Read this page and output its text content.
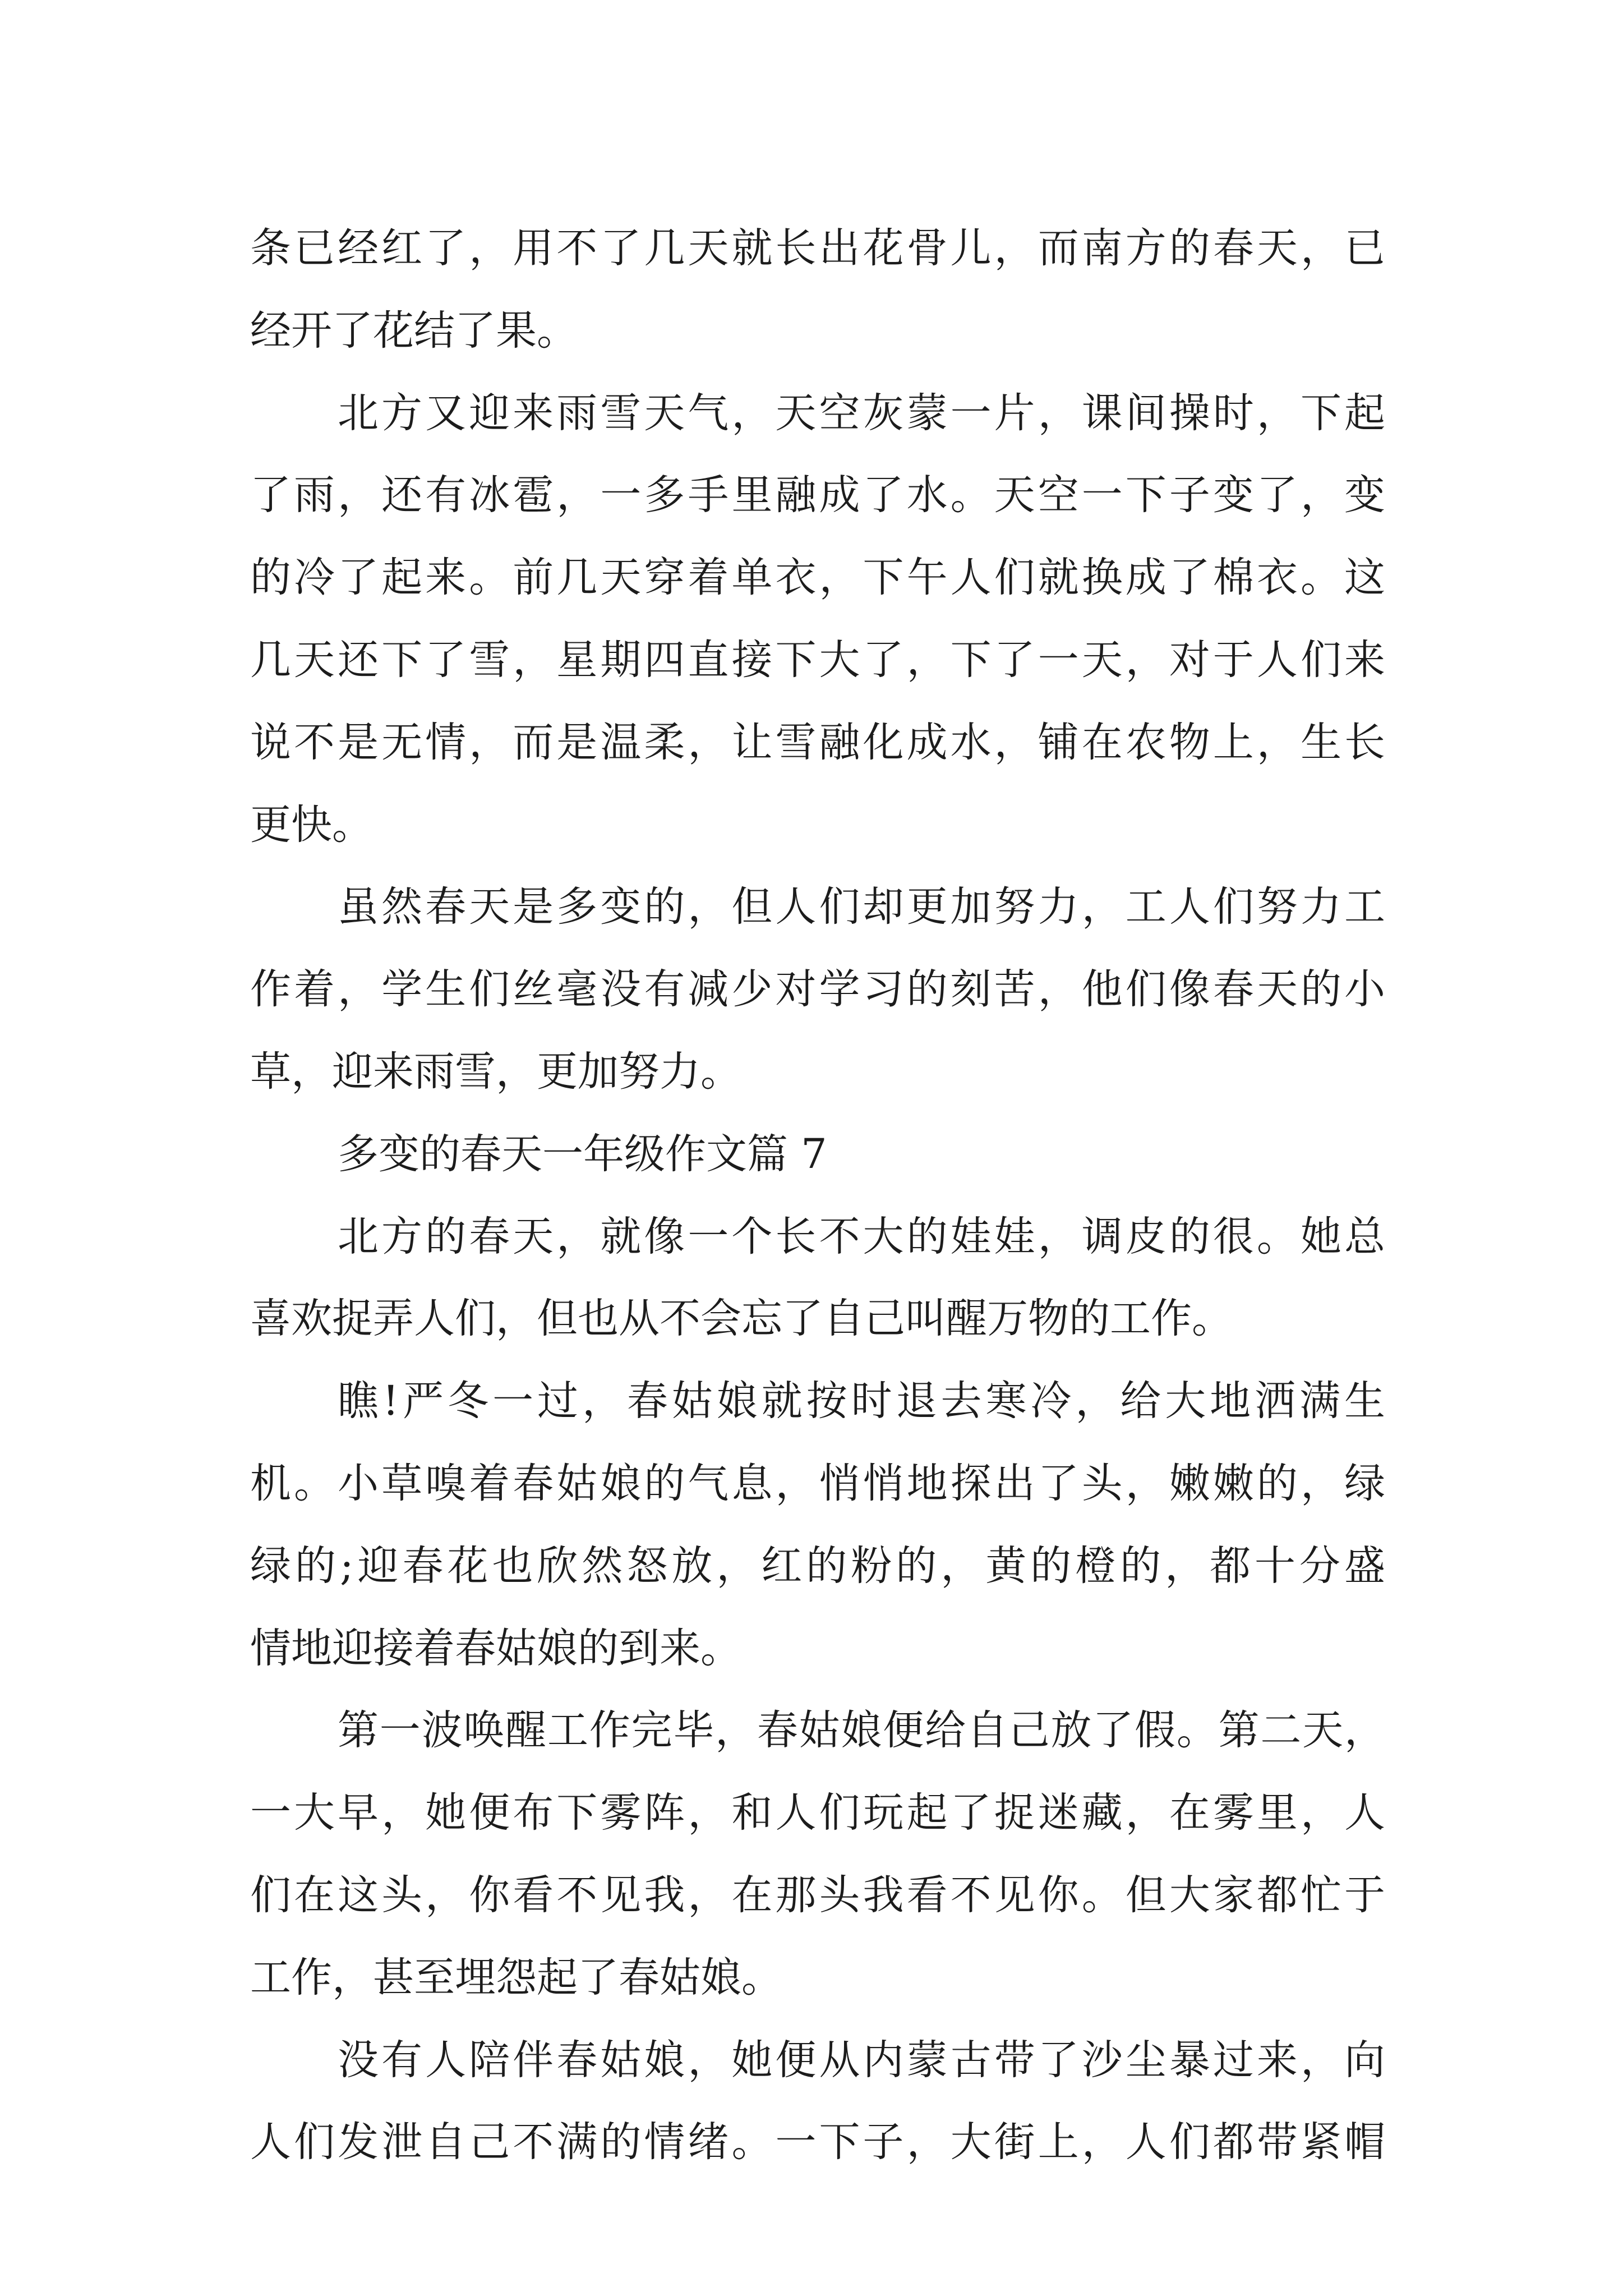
条已经红了，用不了几天就长出花骨儿，而南方的春天，已
经开了花结了果。
北方又迎来雨雪天气，天空灰蒙一片，课间操时，下起
了雨，还有冰雹，一多手里融成了水。天空一下子变了，变
的冷了起来。前几天穿着单衣，下午人们就换成了棉衣。这
几天还下了雪，星期四直接下大了，下了一天，对于人们来
说不是无情，而是温柔，让雪融化成水，铺在农物上，生长
更快。
虽然春天是多变的，但人们却更加努力，工人们努力工
作着，学生们丝毫没有减少对学习的刻苦，他们像春天的小
草，迎来雨雪，更加努力。
多变的春天一年级作文篇 7
北方的春天，就像一个长不大的娃娃，调皮的很。她总
喜欢捉弄人们，但也从不会忘了自己叫醒万物的工作。
瞧!严冬一过，春姑娘就按时退去寒冷，给大地洒满生
机。小草嗅着春姑娘的气息，悄悄地探出了头，嫩嫩的，绿
绿的;迎春花也欣然怒放，红的粉的，黄的橙的，都十分盛
情地迎接着春姑娘的到来。
第一波唤醒工作完毕，春姑娘便给自己放了假。第二天，
一大早，她便布下雾阵，和人们玩起了捉迷藏，在雾里，人
们在这头，你看不见我，在那头我看不见你。但大家都忙于
工作，甚至埋怨起了春姑娘。
没有人陪伴春姑娘，她便从内蒙古带了沙尘暴过来，向
人们发泄自己不满的情绪。一下子，大街上，人们都带紧帽
